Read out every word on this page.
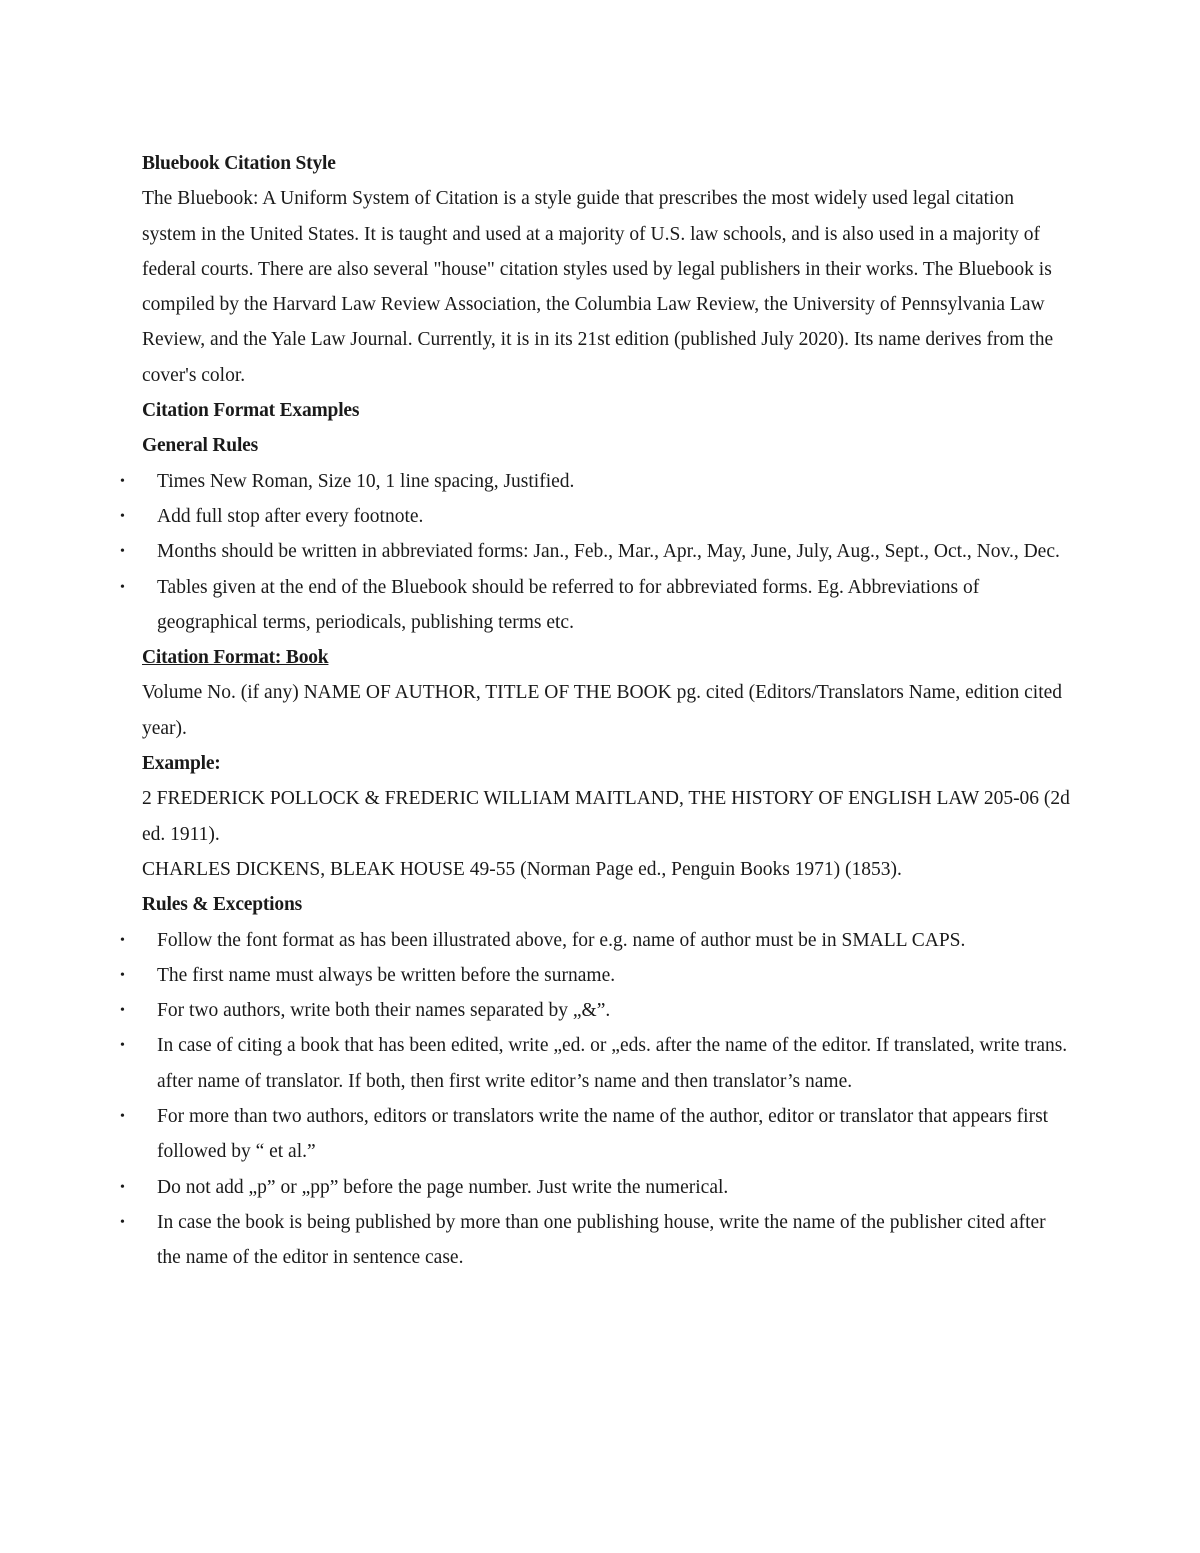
Bluebook Citation Style

The Bluebook: A Uniform System of Citation is a style guide that prescribes the most widely used legal citation system in the United States. It is taught and used at a majority of U.S. law schools, and is also used in a majority of federal courts. There are also several "house" citation styles used by legal publishers in their works. The Bluebook is compiled by the Harvard Law Review Association, the Columbia Law Review, the University of Pennsylvania Law Review, and the Yale Law Journal. Currently, it is in its 21st edition (published July 2020). Its name derives from the cover's color.

Citation Format Examples

General Rules

• Times New Roman, Size 10, 1 line spacing, Justified.
• Add full stop after every footnote.
• Months should be written in abbreviated forms: Jan., Feb., Mar., Apr., May, June, July, Aug., Sept., Oct., Nov., Dec.
• Tables given at the end of the Bluebook should be referred to for abbreviated forms. Eg. Abbreviations of geographical terms, periodicals, publishing terms etc.

Citation Format: Book

Volume No. (if any) NAME OF AUTHOR, TITLE OF THE BOOK pg. cited (Editors/Translators Name, edition cited year).

Example:

2 FREDERICK POLLOCK & FREDERIC WILLIAM MAITLAND, THE HISTORY OF ENGLISH LAW 205-06 (2d ed. 1911).

CHARLES DICKENS, BLEAK HOUSE 49-55 (Norman Page ed., Penguin Books 1971) (1853).

Rules & Exceptions

• Follow the font format as has been illustrated above, for e.g. name of author must be in SMALL CAPS.
• The first name must always be written before the surname.
• For two authors, write both their names separated by „&”.
• In case of citing a book that has been edited, write „ed. or „eds. after the name of the editor. If translated, write trans. after name of translator. If both, then first write editor’s name and then translator’s name.
• For more than two authors, editors or translators write the name of the author, editor or translator that appears first followed by “ et al.”
• Do not add „p” or „pp” before the page number. Just write the numerical.
• In case the book is being published by more than one publishing house, write the name of the publisher cited after the name of the editor in sentence case.
